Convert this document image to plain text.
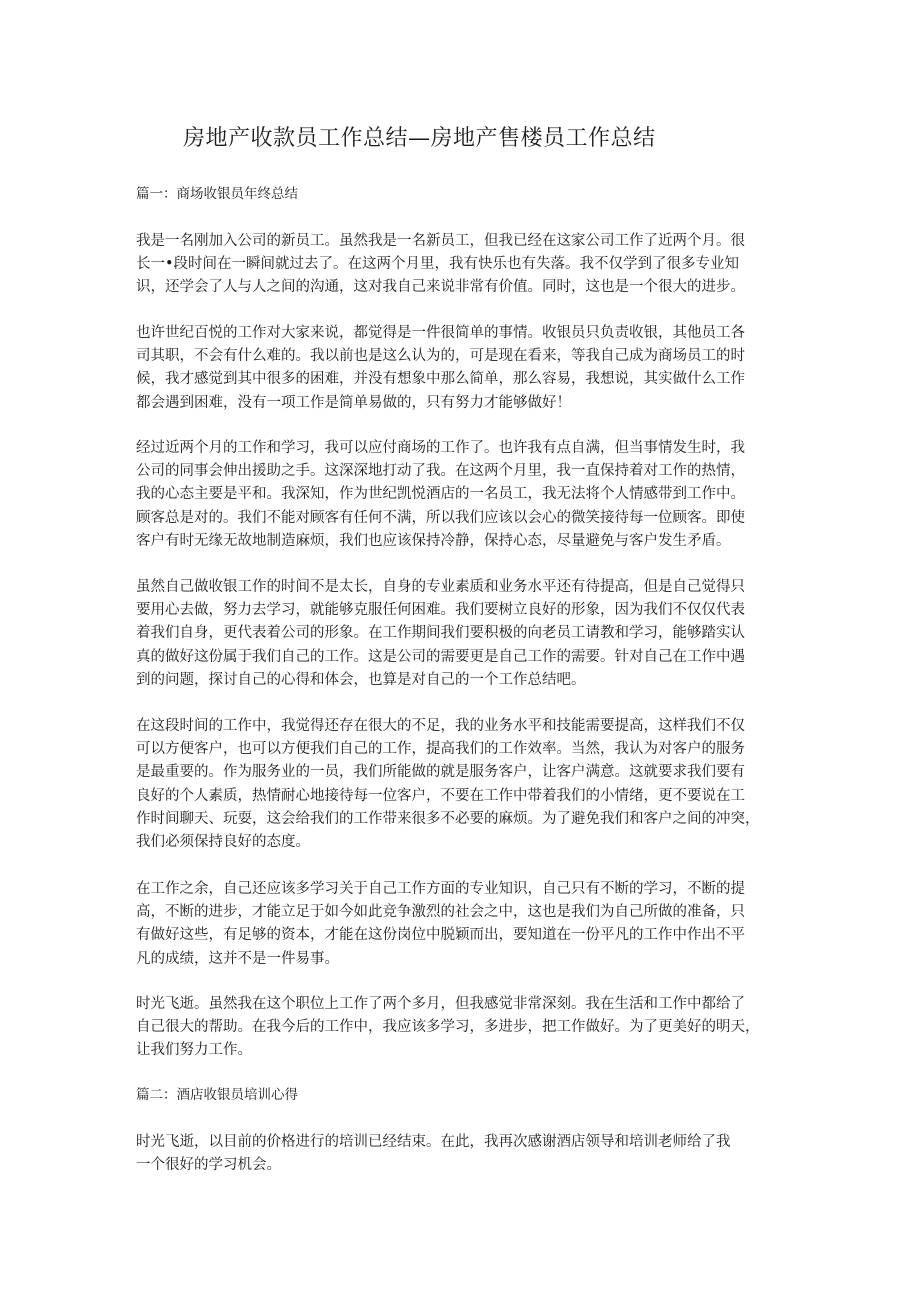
房地产收款员工作总结—房地产售楼员工作总结

篇一：商场收银员年终总结

我是一名刚加入公司的新员工。虽然我是一名新员工，但我已经在这家公司工作了近两个月。很
长一•段时间在一瞬间就过去了。在这两个月里，我有快乐也有失落。我不仅学到了很多专业知
识，还学会了人与人之间的沟通，这对我自己来说非常有价值。同时，这也是一个很大的进步。

也许世纪百悦的工作对大家来说，都觉得是一件很简单的事情。收银员只负责收银，其他员工各
司其职，不会有什么难的。我以前也是这么认为的，可是现在看来，等我自己成为商场员工的时
候，我才感觉到其中很多的困难，并没有想象中那么简单，那么容易，我想说，其实做什么工作
都会遇到困难，没有一项工作是简单易做的，只有努力才能够做好！

经过近两个月的工作和学习，我可以应付商场的工作了。也许我有点自满，但当事情发生时，我
公司的同事会伸出援助之手。这深深地打动了我。在这两个月里，我一直保持着对工作的热情，
我的心态主要是平和。我深知，作为世纪凯悦酒店的一名员工，我无法将个人情感带到工作中。
顾客总是对的。我们不能对顾客有任何不满，所以我们应该以会心的微笑接待每一位顾客。即使
客户有时无缘无故地制造麻烦，我们也应该保持冷静，保持心态，尽量避免与客户发生矛盾。

虽然自己做收银工作的时间不是太长，自身的专业素质和业务水平还有待提高，但是自己觉得只
要用心去做，努力去学习，就能够克服任何困难。我们要树立良好的形象，因为我们不仅仅代表
着我们自身，更代表着公司的形象。在工作期间我们要积极的向老员工请教和学习，能够踏实认
真的做好这份属于我们自己的工作。这是公司的需要更是自己工作的需要。针对自己在工作中遇
到的问题，探讨自己的心得和体会，也算是对自己的一个工作总结吧。

在这段时间的工作中，我觉得还存在很大的不足，我的业务水平和技能需要提高，这样我们不仅
可以方便客户，也可以方便我们自己的工作，提高我们的工作效率。当然，我认为对客户的服务
是最重要的。作为服务业的一员，我们所能做的就是服务客户，让客户满意。这就要求我们要有
良好的个人素质，热情耐心地接待每一位客户，不要在工作中带着我们的小情绪，更不要说在工
作时间聊天、玩耍，这会给我们的工作带来很多不必要的麻烦。为了避免我们和客户之间的冲突，
我们必须保持良好的态度。

在工作之余，自己还应该多学习关于自己工作方面的专业知识，自己只有不断的学习，不断的提
高，不断的进步，才能立足于如今如此竞争激烈的社会之中，这也是我们为自己所做的准备，只
有做好这些，有足够的资本，才能在这份岗位中脱颖而出，要知道在一份平凡的工作中作出不平
凡的成绩，这并不是一件易事。

时光飞逝。虽然我在这个职位上工作了两个多月，但我感觉非常深刻。我在生活和工作中都给了
自己很大的帮助。在我今后的工作中，我应该多学习，多进步，把工作做好。为了更美好的明天，
让我们努力工作。

篇二：酒店收银员培训心得

时光飞逝，以目前的价格进行的培训已经结束。在此，我再次感谢酒店领导和培训老师给了我
一个很好的学习机会。
